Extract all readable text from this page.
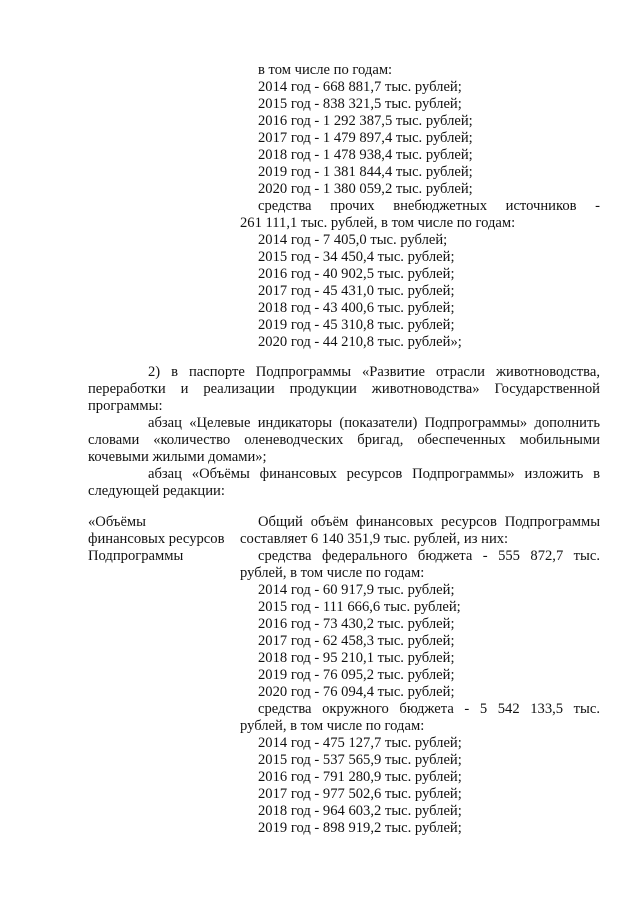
в том числе по годам:
2014 год - 668 881,7 тыс. рублей;
2015 год - 838 321,5 тыс. рублей;
2016 год - 1 292 387,5 тыс. рублей;
2017 год - 1 479 897,4 тыс. рублей;
2018 год - 1 478 938,4 тыс. рублей;
2019 год - 1 381 844,4 тыс. рублей;
2020 год - 1 380 059,2 тыс. рублей;
средства прочих внебюджетных источников -
261 111,1 тыс. рублей, в том числе по годам:
2014 год - 7 405,0 тыс. рублей;
2015 год - 34 450,4 тыс. рублей;
2016 год - 40 902,5 тыс. рублей;
2017 год - 45 431,0 тыс. рублей;
2018 год - 43 400,6 тыс. рублей;
2019 год - 45 310,8 тыс. рублей;
2020 год - 44 210,8 тыс. рублей»;
2) в паспорте Подпрограммы «Развитие отрасли животноводства,
переработки и реализации продукции животноводства» Государственной
программы:
абзац «Целевые индикаторы (показатели) Подпрограммы» дополнить
словами «количество оленеводческих бригад, обеспеченных мобильными
кочевыми жилыми домами»;
абзац «Объёмы финансовых ресурсов Подпрограммы» изложить в
следующей редакции:
«Объёмы
финансовых ресурсов
Подпрограммы
Общий объём финансовых ресурсов Подпрограммы
составляет 6 140 351,9 тыс. рублей, из них:
средства федерального бюджета - 555 872,7 тыс.
рублей, в том числе по годам:
2014 год - 60 917,9 тыс. рублей;
2015 год - 111 666,6 тыс. рублей;
2016 год - 73 430,2 тыс. рублей;
2017 год - 62 458,3 тыс. рублей;
2018 год - 95 210,1 тыс. рублей;
2019 год - 76 095,2 тыс. рублей;
2020 год - 76 094,4 тыс. рублей;
средства окружного бюджета - 5 542 133,5 тыс.
рублей, в том числе по годам:
2014 год - 475 127,7 тыс. рублей;
2015 год - 537 565,9 тыс. рублей;
2016 год - 791 280,9 тыс. рублей;
2017 год - 977 502,6 тыс. рублей;
2018 год - 964 603,2 тыс. рублей;
2019 год - 898 919,2 тыс. рублей;
